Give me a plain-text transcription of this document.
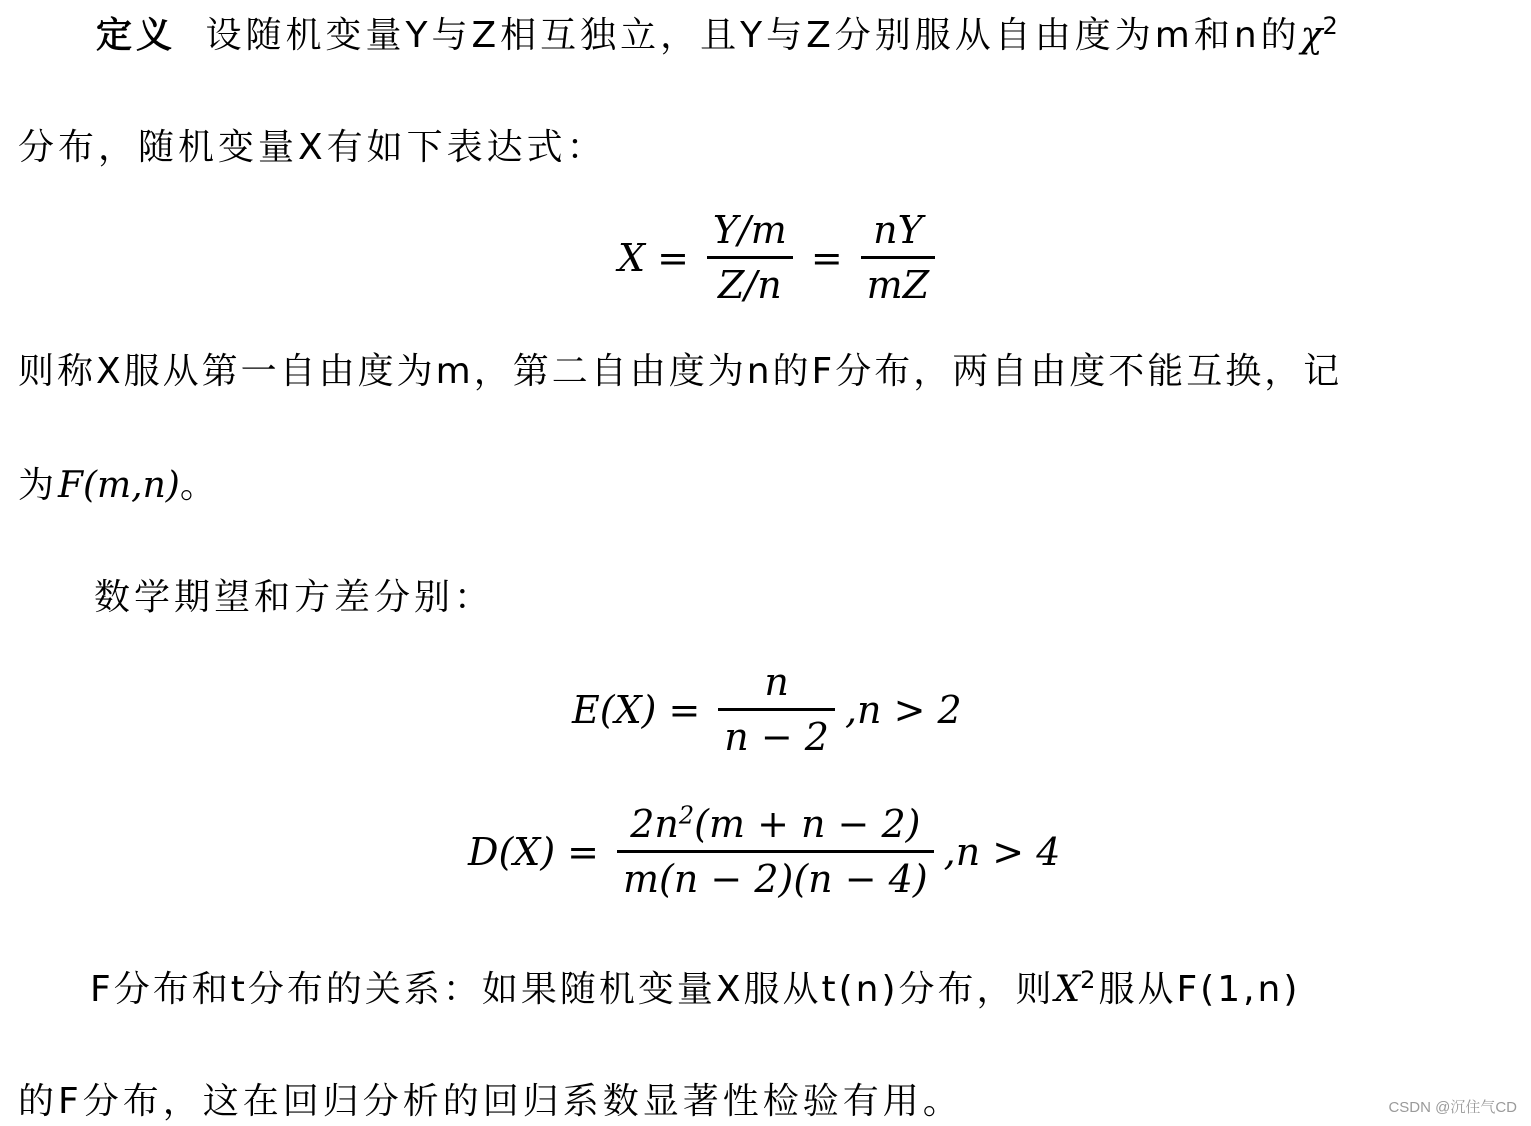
定义 设随机变量Y与Z相互独立，且Y与Z分别服从自由度为m和n的$\chi^2$
分布，随机变量X有如下表达式：
$X = \frac{Y/m}{Z/n} = \frac{nY}{mZ}$
则称X服从第一自由度为m，第二自由度为n的F分布，两自由度不能互换，记
为F(m,n)。
数学期望和方差分别：
$E(X) = \frac{n}{n - 2} ,n > 2$
$D(X) = \frac{2n^2(m + n - 2)}{m(n - 2)(n - 4)} ,n > 4$
F分布和t分布的关系：如果随机变量X服从t(n)分布，则$X^2$服从F(1,n)
的F分布，这在回归分析的回归系数显著性检验有用。	CSDN @沉住气CD
